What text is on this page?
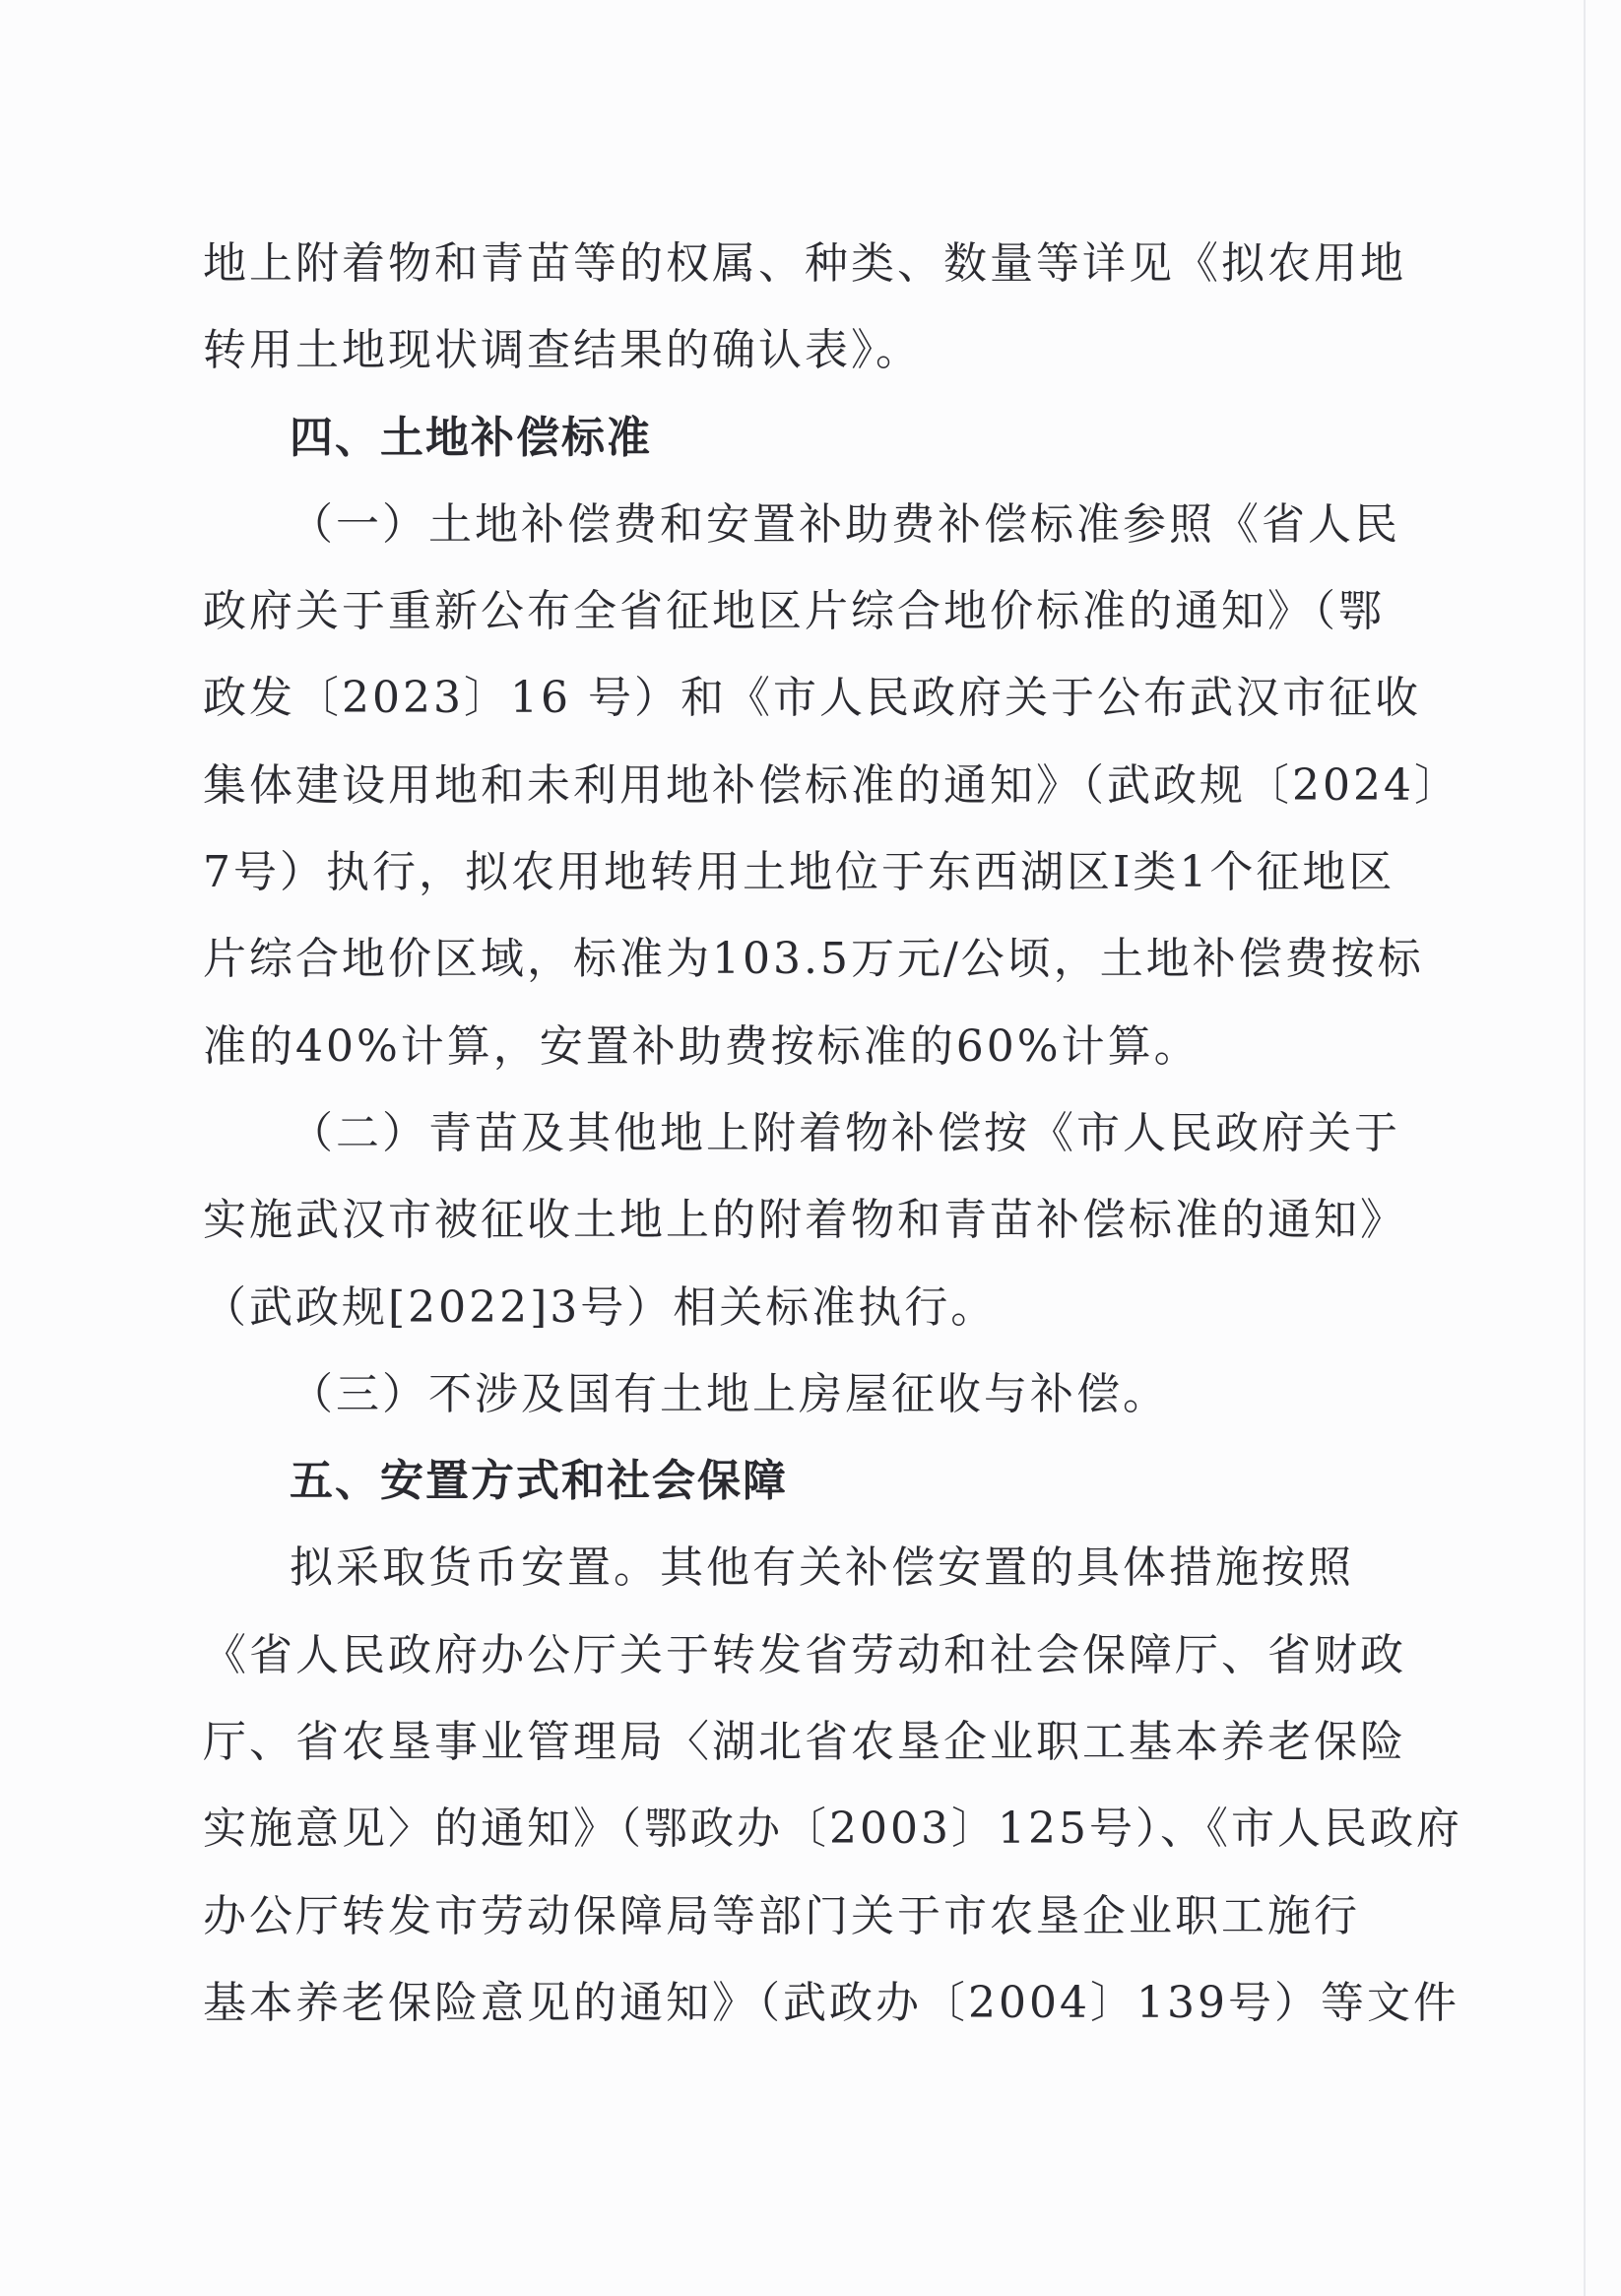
地上附着物和青苗等的权属、种类、数量等详见《拟农用地
转用土地现状调查结果的确认表》。
四、土地补偿标准
（一）土地补偿费和安置补助费补偿标准参照《省人民
政府关于重新公布全省征地区片综合地价标准的通知》（鄂
政发〔2023〕16 号）和《市人民政府关于公布武汉市征收
集体建设用地和未利用地补偿标准的通知》（武政规〔2024〕
7号）执行，拟农用地转用土地位于东西湖区Ⅰ类1个征地区
片综合地价区域，标准为103.5万元/公顷，土地补偿费按标
准的40%计算，安置补助费按标准的60%计算。
（二）青苗及其他地上附着物补偿按《市人民政府关于
实施武汉市被征收土地上的附着物和青苗补偿标准的通知》
（武政规[2022]3号）相关标准执行。
（三）不涉及国有土地上房屋征收与补偿。
五、安置方式和社会保障
拟采取货币安置。其他有关补偿安置的具体措施按照
《省人民政府办公厅关于转发省劳动和社会保障厅、省财政
厅、省农垦事业管理局〈湖北省农垦企业职工基本养老保险
实施意见〉的通知》（鄂政办〔2003〕125号）、《市人民政府
办公厅转发市劳动保障局等部门关于市农垦企业职工施行
基本养老保险意见的通知》（武政办〔2004〕139号）等文件
